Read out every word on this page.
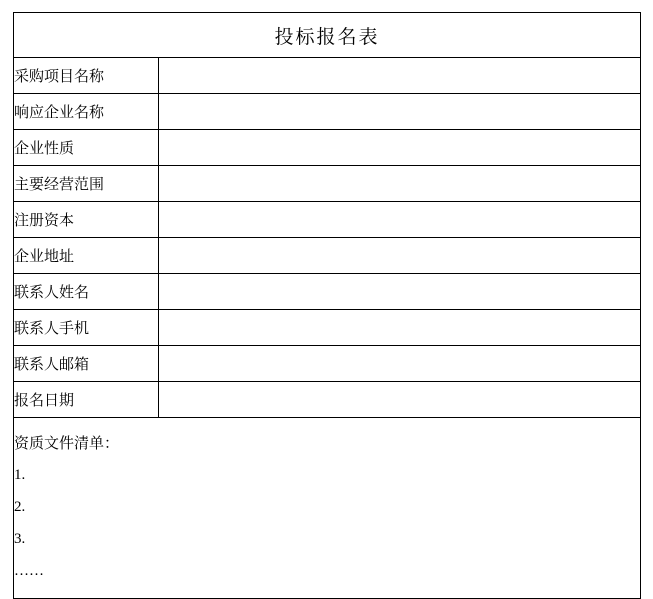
投标报名表	
采购项目名称	
响应企业名称	
企业性质	
主要经营范围	
注册资本	
企业地址	
联系人姓名	
联系人手机	
联系人邮箱	
报名日期	

资质文件清单：
1.
2.
3.
……	
